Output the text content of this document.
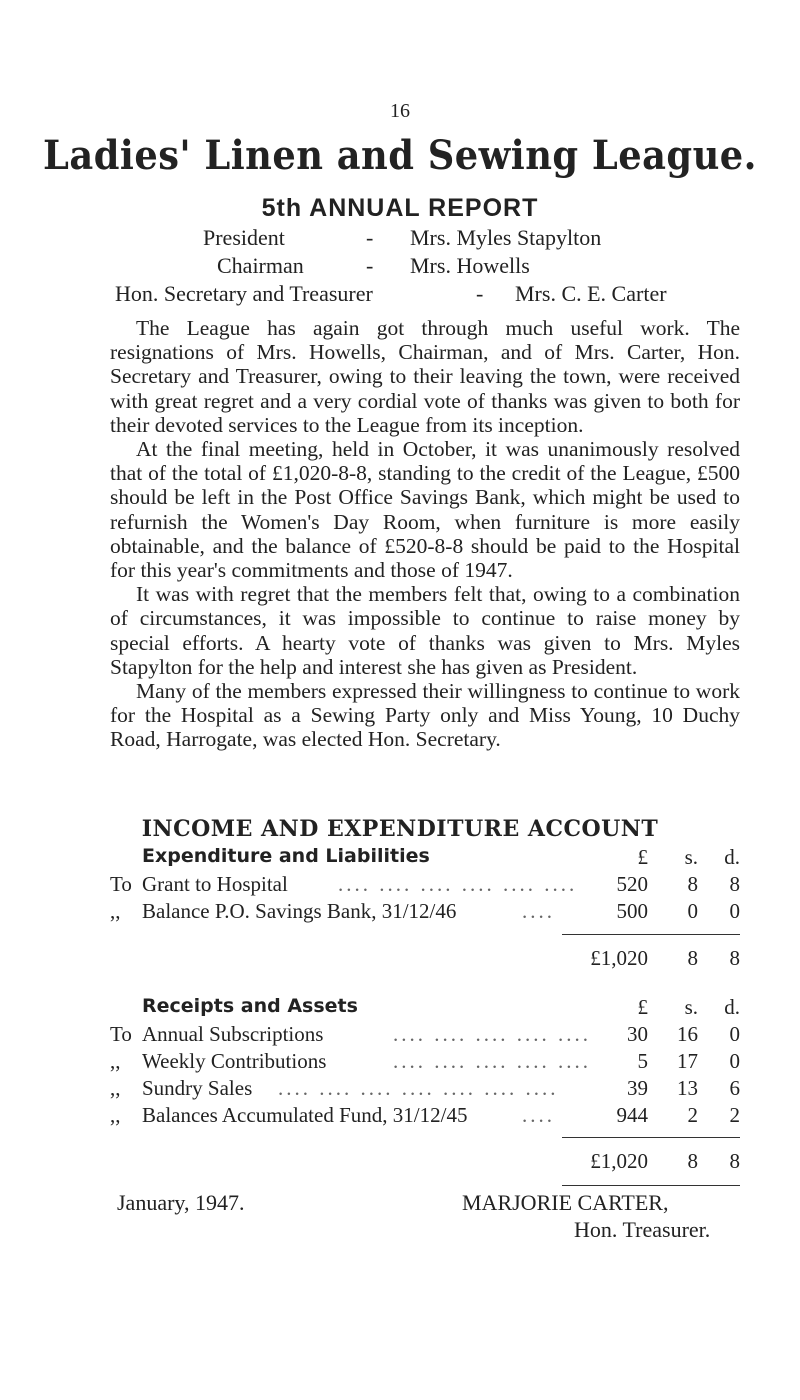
16
Ladies' Linen and Sewing League.
5th ANNUAL REPORT
President	- Mrs. Myles Stapylton
Chairman	- Mrs. Howells
Hon. Secretary and Treasurer	- Mrs. C. E. Carter

The League has again got through much useful work. The resignations of Mrs. Howells, Chairman, and of Mrs. Carter, Hon. Secretary and Treasurer, owing to their leaving the town, were received with great regret and a very cordial vote of thanks was given to both for their devoted services to the League from its inception.

At the final meeting, held in October, it was unanimously resolved that of the total of £1,020-8-8, standing to the credit of the League, £500 should be left in the Post Office Savings Bank, which might be used to refurnish the Women's Day Room, when furniture is more easily obtainable, and the balance of £520-8-8 should be paid to the Hospital for this year's commitments and those of 1947.

It was with regret that the members felt that, owing to a combination of circumstances, it was impossible to continue to raise money by special efforts. A hearty vote of thanks was given to Mrs. Myles Stapylton for the help and interest she has given as President.

Many of the members expressed their willingness to continue to work for the Hospital as a Sewing Party only and Miss Young, 10 Duchy Road, Harrogate, was elected Hon. Secretary.

INCOME AND EXPENDITURE ACCOUNT
Expenditure and Liabilities	£	s.	d.
To Grant to Hospital .... .... .... .... .... ....	520	8	8
,,	Balance P.O. Savings Bank, 31/12/46	....	500	0	0
£1,020	8	8
Receipts and Assets	£	s.	d.
To Annual Subscriptions	.... .... .... .... ....	30	16	0
,,	Weekly Contributions	.... .... .... .... ....	5	17	0
,,	Sundry Sales .... .... .... .... .... .... ....	39	13	6
,,	Balances Accumulated Fund, 31/12/45	....	944	2	2
£1,020	8	8
January, 1947.	MARJORIE CARTER,
Hon. Treasurer.
